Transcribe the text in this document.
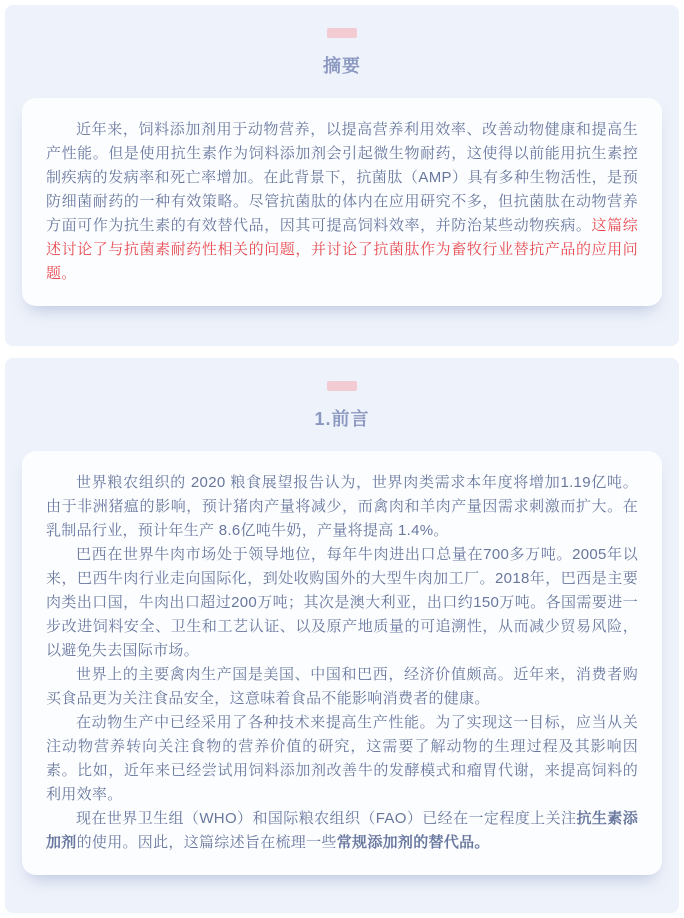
摘要

近年来，饲料添加剂用于动物营养，以提高营养利用效率、改善动物健康和提高生产性能。但是使用抗生素作为饲料添加剂会引起微生物耐药，这使得以前能用抗生素控制疾病的发病率和死亡率增加。在此背景下，抗菌肽（AMP）具有多种生物活性，是预防细菌耐药的一种有效策略。尽管抗菌肽的体内在应用研究不多，但抗菌肽在动物营养方面可作为抗生素的有效替代品，因其可提高饲料效率，并防治某些动物疾病。这篇综述讨论了与抗菌素耐药性相关的问题，并讨论了抗菌肽作为畜牧行业替抗产品的应用问题。

1.前言

世界粮农组织的 2020 粮食展望报告认为，世界肉类需求本年度将增加1.19亿吨。由于非洲猪瘟的影响，预计猪肉产量将减少，而禽肉和羊肉产量因需求刺激而扩大。在乳制品行业，预计年生产 8.6亿吨牛奶，产量将提高 1.4%。

巴西在世界牛肉市场处于领导地位，每年牛肉进出口总量在700多万吨。2005年以来，巴西牛肉行业走向国际化，到处收购国外的大型牛肉加工厂。2018年，巴西是主要肉类出口国，牛肉出口超过200万吨；其次是澳大利亚，出口约150万吨。各国需要进一步改进饲料安全、卫生和工艺认证、以及原产地质量的可追溯性，从而减少贸易风险，以避免失去国际市场。

世界上的主要禽肉生产国是美国、中国和巴西，经济价值颇高。近年来，消费者购买食品更为关注食品安全，这意味着食品不能影响消费者的健康。

在动物生产中已经采用了各种技术来提高生产性能。为了实现这一目标，应当从关注动物营养转向关注食物的营养价值的研究，这需要了解动物的生理过程及其影响因素。比如，近年来已经尝试用饲料添加剂改善牛的发酵模式和瘤胃代谢，来提高饲料的利用效率。

现在世界卫生组（WHO）和国际粮农组织（FAO）已经在一定程度上关注抗生素添加剂的使用。因此，这篇综述旨在梳理一些常规添加剂的替代品。
